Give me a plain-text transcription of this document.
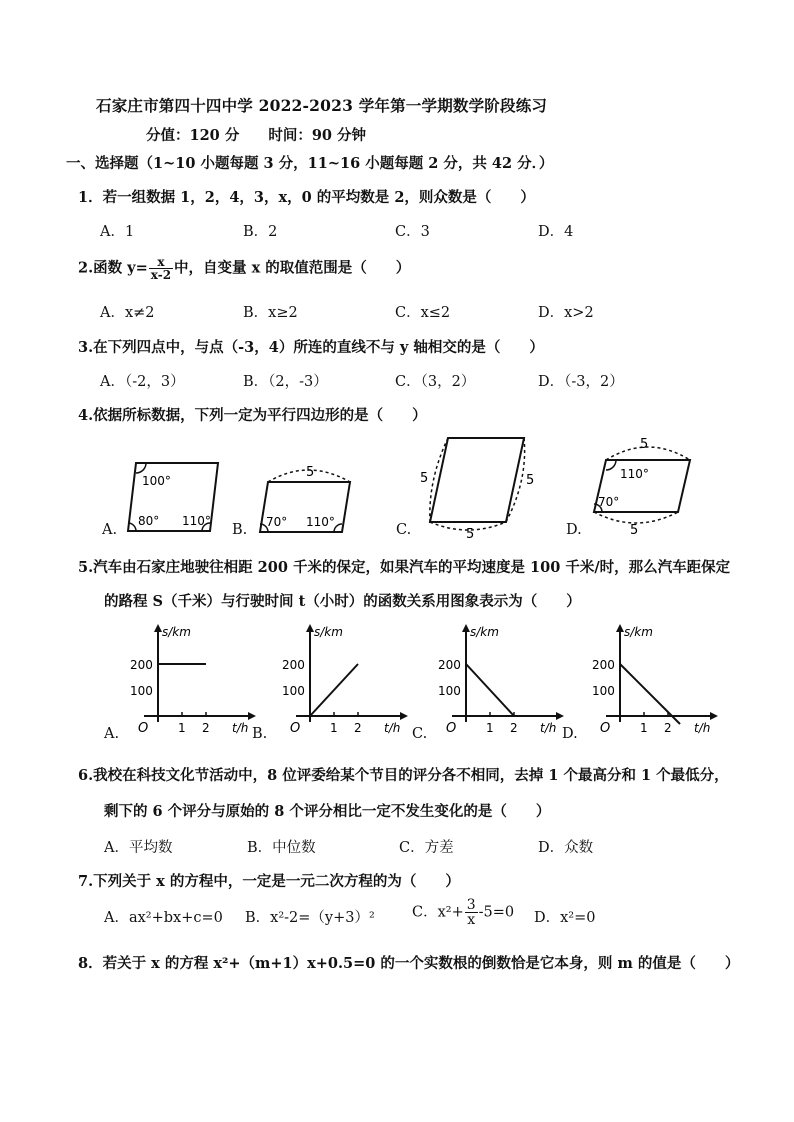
石家庄市第四十四中学 2022-2023 学年第一学期数学阶段练习
分值：120 分　　时间：90 分钟
一、选择题（1~10 小题每题 3 分，11~16 小题每题 2 分，共 42 分．）
1．若一组数据 1，2，4，3，x，0 的平均数是 2，则众数是（　　）
A．1	B．2	C．3	D．4
2.函数 $y= \frac{x}{x-2}$ 中，自变量 x 的取值范围是（　　）
A．x≠2	B．x≥2	C．x≤2	D．x>2
3.在下列四点中，与点（-3，4）所连的直线不与 y 轴相交的是（　　）
A．（-2，3）	B．（2，-3）	C．（3，2）	D．（-3，2）
4.依据所标数据，下列一定为平行四边形的是（　　）
A.
100°
80° 110°
B.
5
70° 110°	C.
5	5
5	D.
5
110°
70°
5
5.汽车由石家庄地驶往相距 200 千米的保定，如果汽车的平均速度是 100 千米/时，那么汽车距保定
的路程 S（千米）与行驶时间 t（小时）的函数关系用图象表示为（　　）
A.	B.	C.	D.
s/km
t/h
O
200
100
1 2
s/km
t/h
O
200
100
1 2
s/km
t/h
O
200
100
1 2
s/km
t/h
O
200
100
1 2
6.我校在科技文化节活动中，8 位评委给某个节目的评分各不相同，去掉 1 个最高分和 1 个最低分，
剩下的 6 个评分与原始的 8 个评分相比一定不发生变化的是（　　）
A．平均数	B．中位数	C．方差	D．众数
7.下列关于 x 的方程中，一定是一元二次方程的为（　　）
A．ax²+bx+c=0 B．x²-2=（y+3）²	C．$x^2+ \frac{3}{x} -5=0$ D．x²=0
8．若关于 x 的方程 x²+（m+1）x+0.5=0 的一个实数根的倒数恰是它本身，则 m 的值是（　　）
